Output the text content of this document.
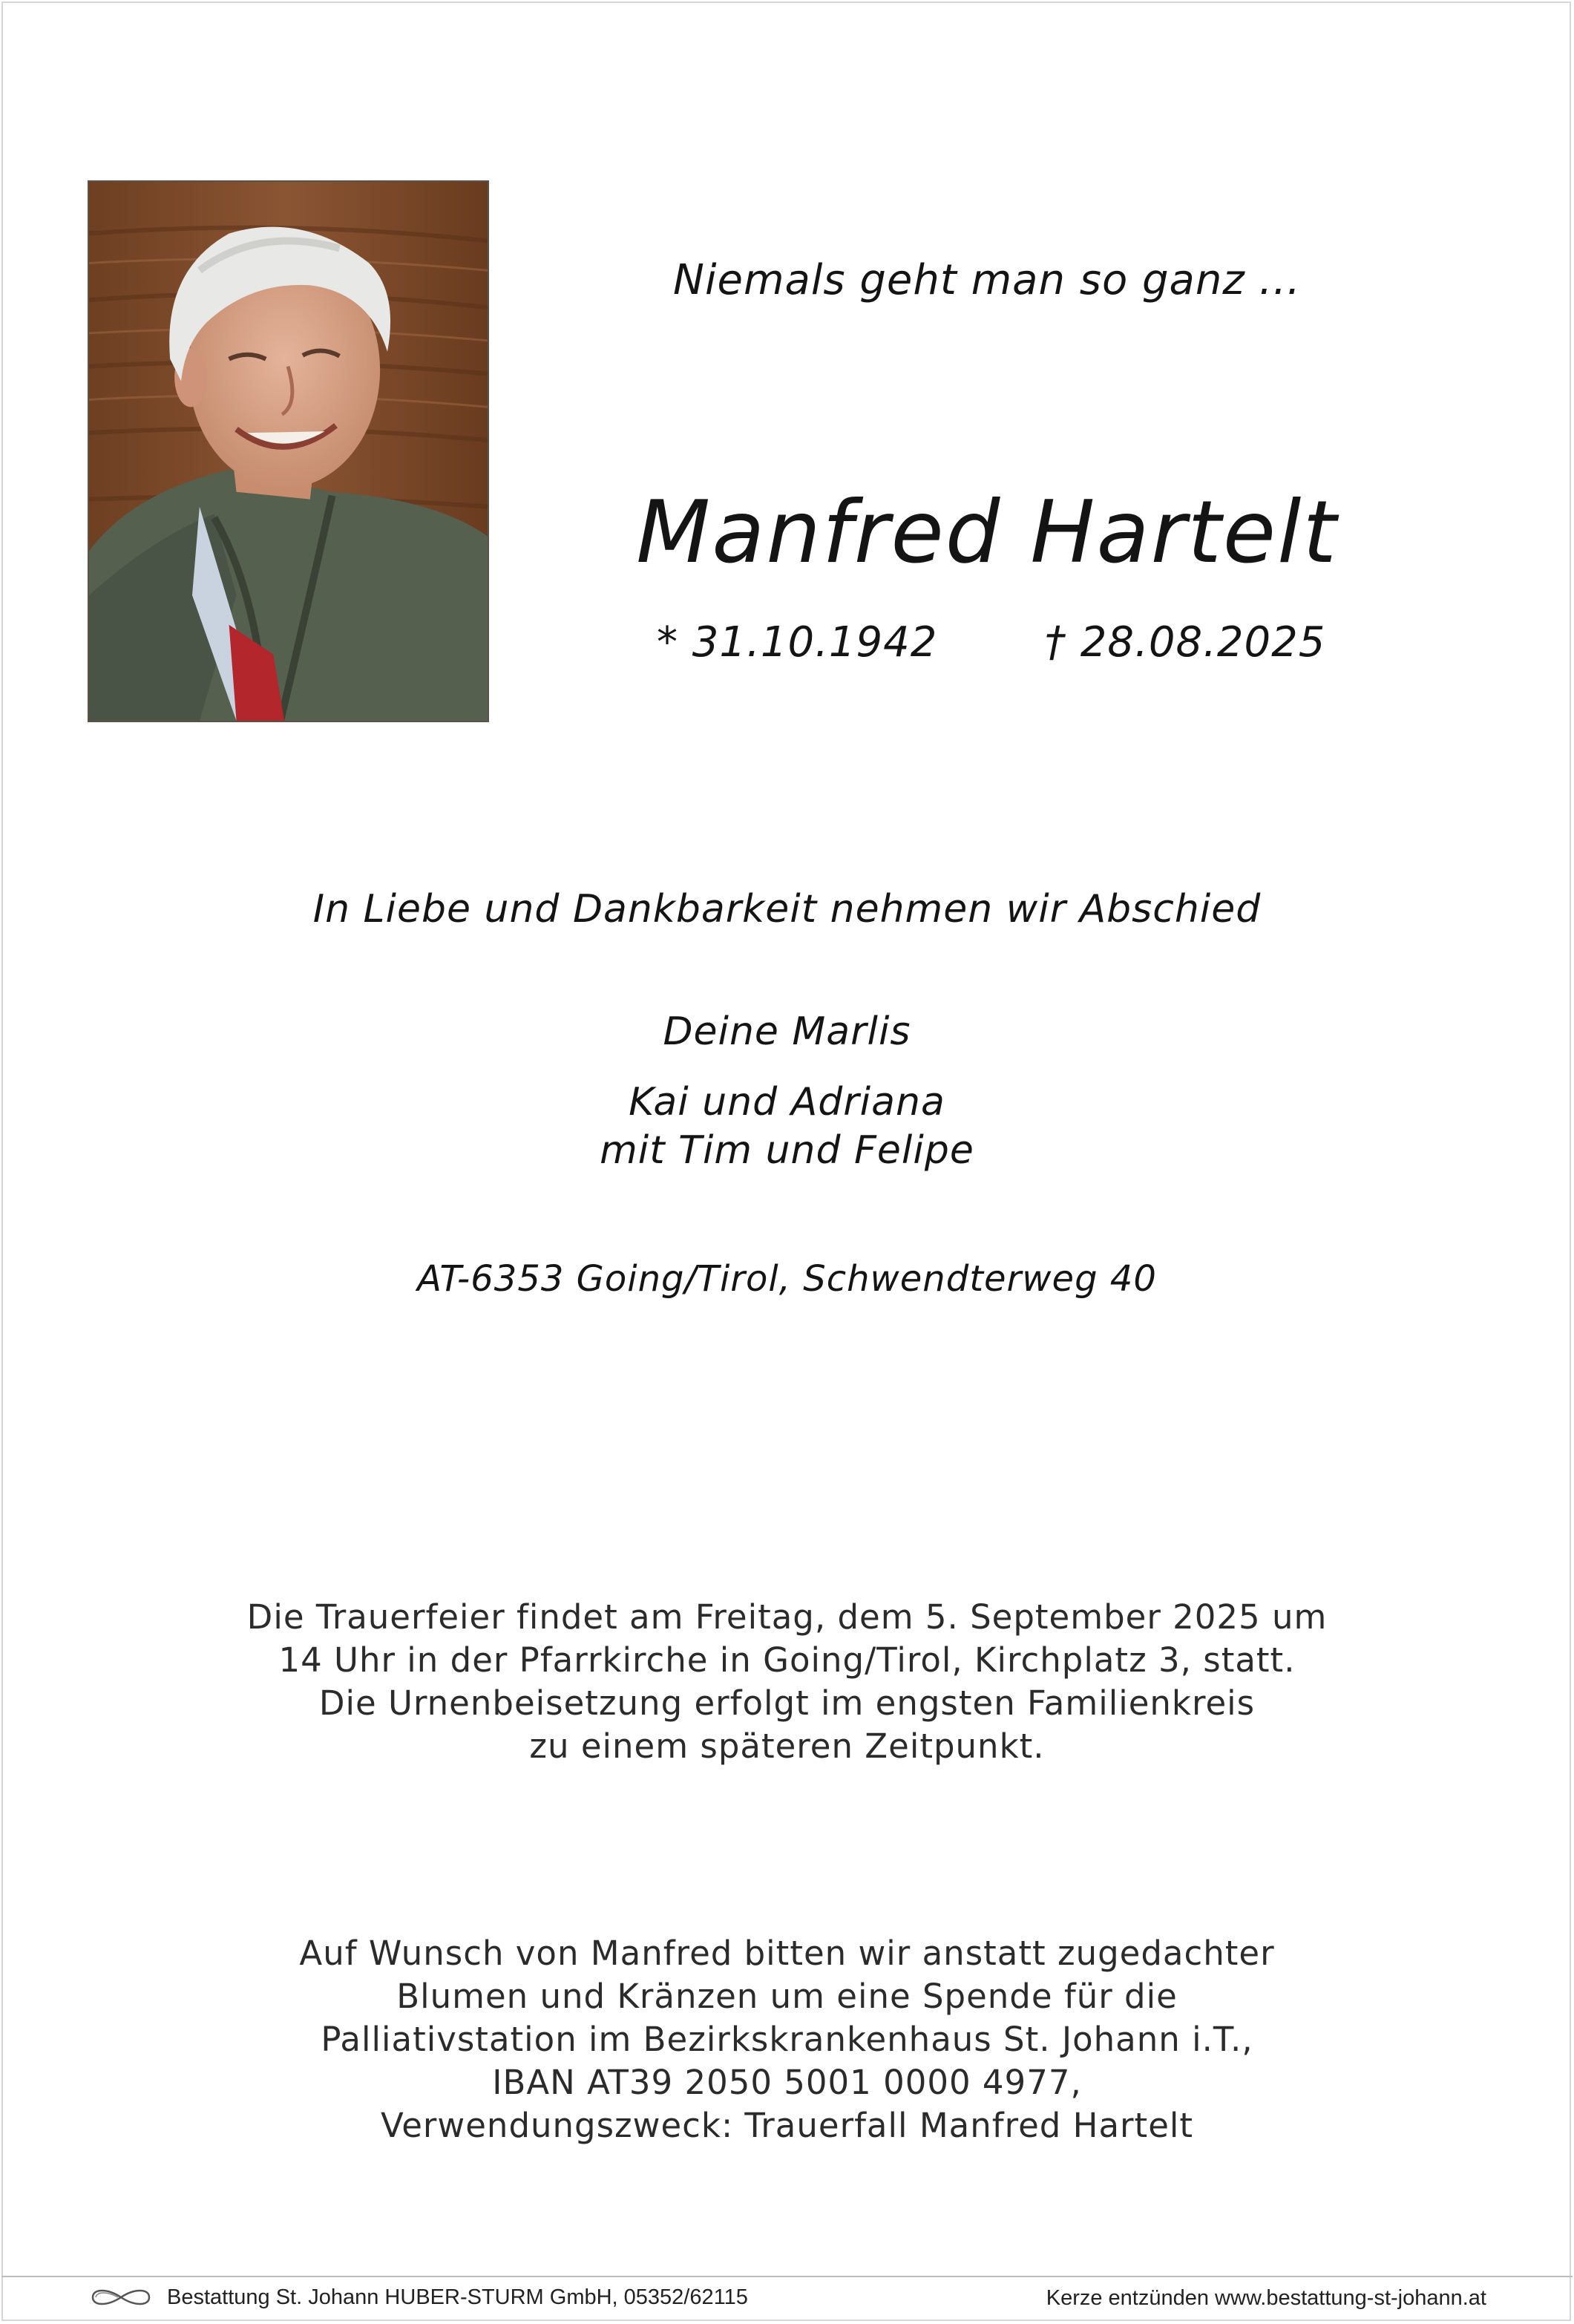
Niemals geht man so ganz ...
Manfred Hartelt
* 31.10.1942	† 28.08.2025
In Liebe und Dankbarkeit nehmen wir Abschied
Deine Marlis
Kai und Adriana
mit Tim und Felipe
AT-6353 Going/Tirol, Schwendterweg 40
Die Trauerfeier findet am Freitag, dem 5. September 2025 um
14 Uhr in der Pfarrkirche in Going/Tirol, Kirchplatz 3, statt.
Die Urnenbeisetzung erfolgt im engsten Familienkreis
zu einem späteren Zeitpunkt.
Auf Wunsch von Manfred bitten wir anstatt zugedachter
Blumen und Kränzen um eine Spende für die
Palliativstation im Bezirkskrankenhaus St. Johann i.T.,
IBAN AT39 2050 5001 0000 4977,
Verwendungszweck: Trauerfall Manfred Hartelt
Bestattung St. Johann HUBER-STURM GmbH, 05352/62115	Kerze entzünden www.bestattung-st-johann.at
